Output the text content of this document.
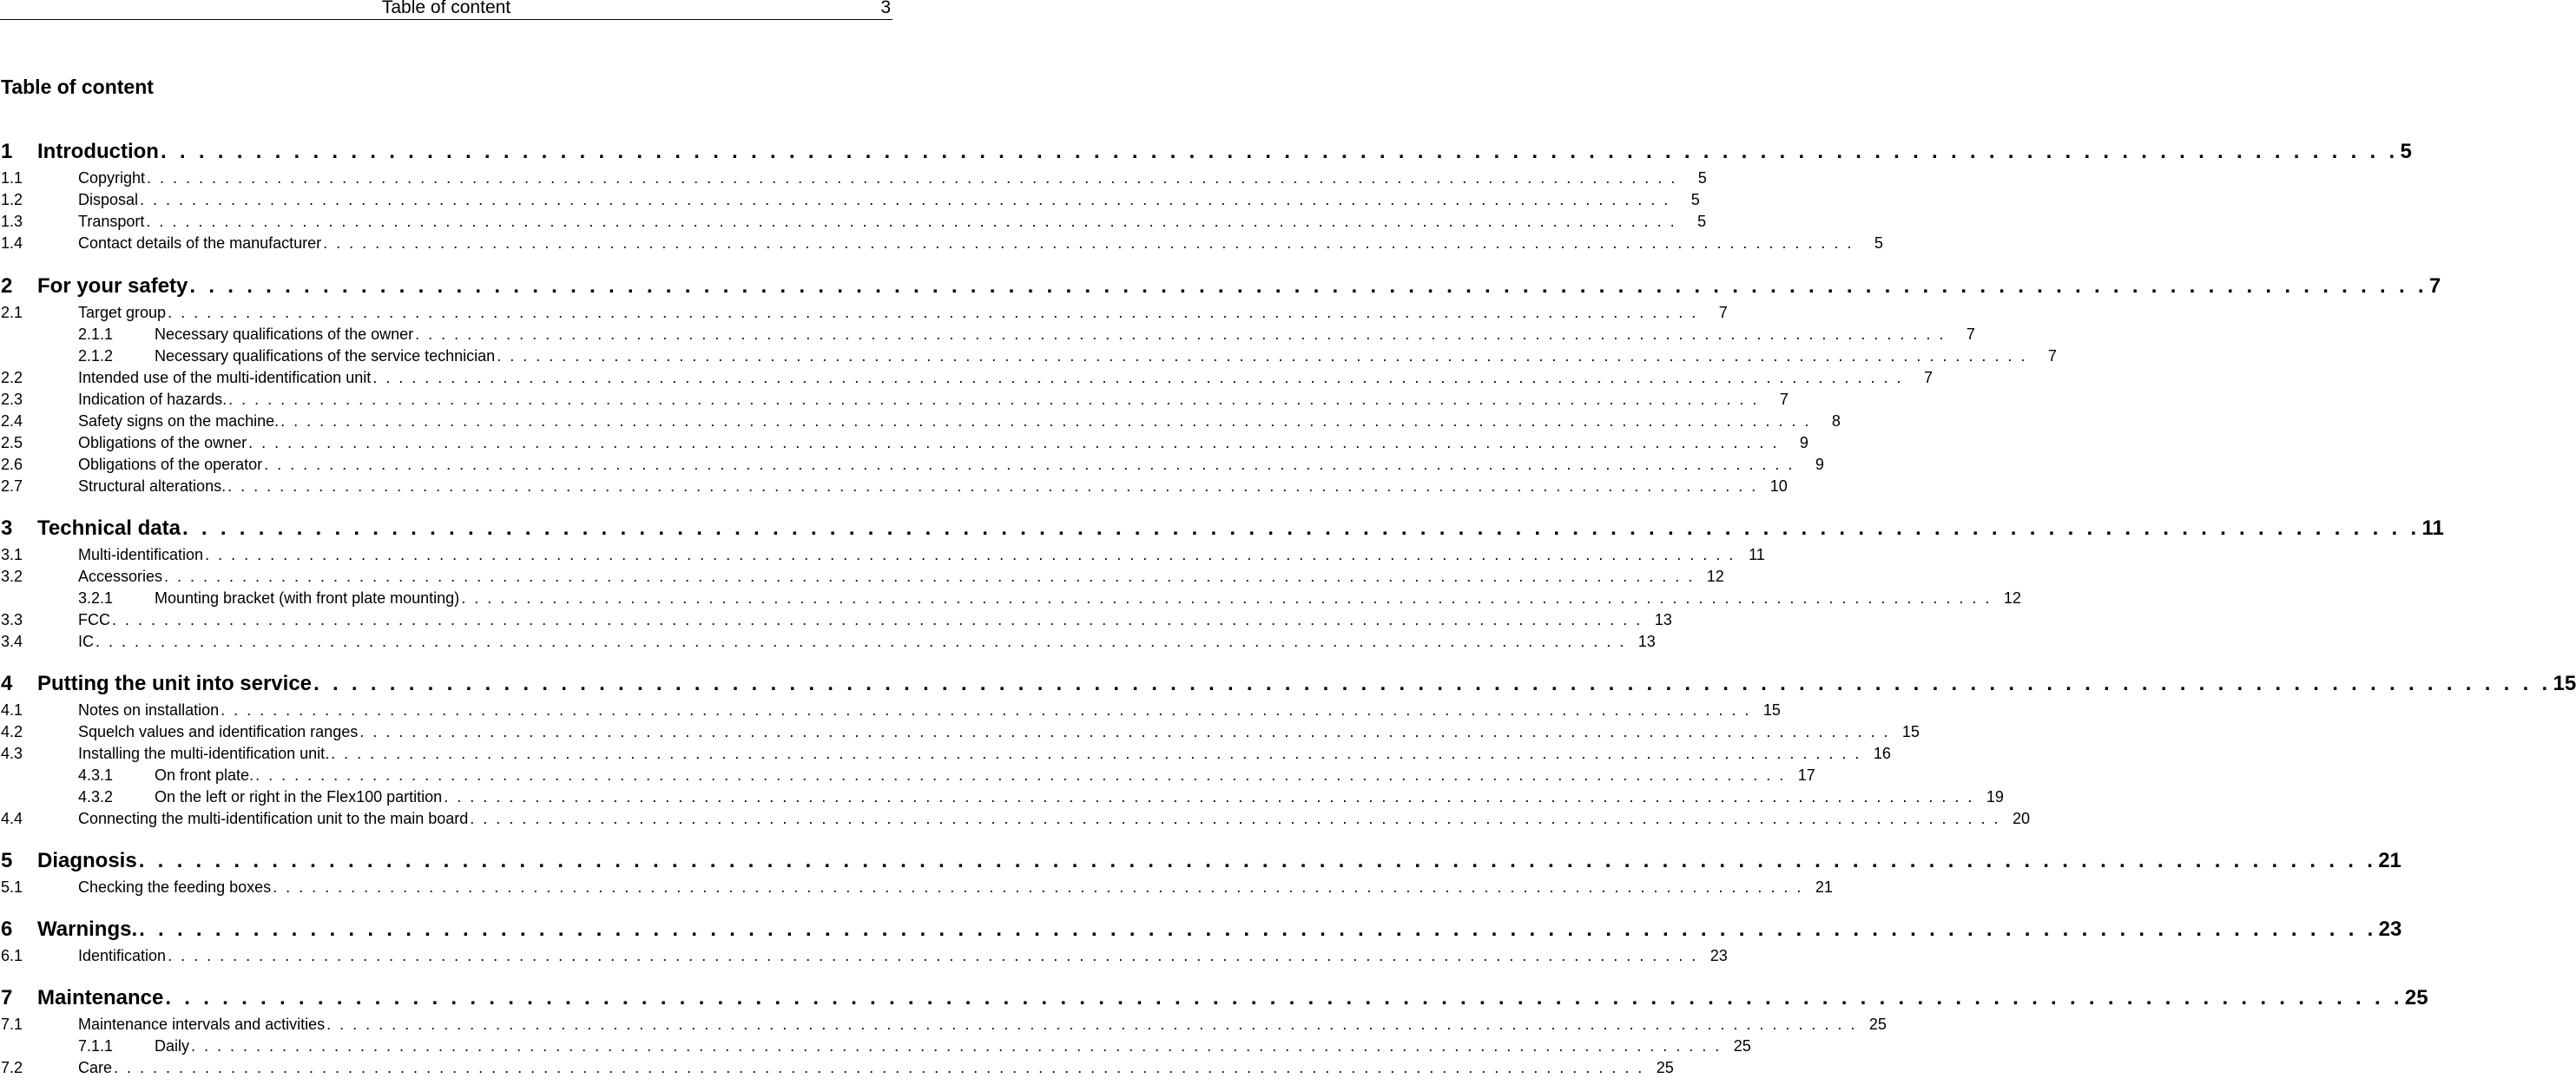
Table of content	3
Table of content
1	Introduction . . . . . . . . . . . . . . . . . . . . . . . . . . . . . . . . . . . . . . . . . . . . . . . . . . . . . . . . . . . . . . . . . . . . . . . . . . . . . . . . . . . . . . . . . . . . . . . . . . . . . . . . . . . . . . . . . . . . . . 5
1.1	Copyright . . . . . . . . . . . . . . . . . . . . . . . . . . . . . . . . . . . . . . . . . . . . . . . . . . . . . . . . . . . . . . . . . . . . . . . . . . . . . . . . . . . . . . . . . . . . . . . . . . . . . . . . . . . . . . . . . . . . . .	5
1.2	Disposal . . . . . . . . . . . . . . . . . . . . . . . . . . . . . . . . . . . . . . . . . . . . . . . . . . . . . . . . . . . . . . . . . . . . . . . . . . . . . . . . . . . . . . . . . . . . . . . . . . . . . . . . . . . . . . . . . . . . . .	5
1.3	Transport . . . . . . . . . . . . . . . . . . . . . . . . . . . . . . . . . . . . . . . . . . . . . . . . . . . . . . . . . . . . . . . . . . . . . . . . . . . . . . . . . . . . . . . . . . . . . . . . . . . . . . . . . . . . . . . . . . . . . .	5
1.4	Contact details of the manufacturer . . . . . . . . . . . . . . . . . . . . . . . . . . . . . . . . . . . . . . . . . . . . . . . . . . . . . . . . . . . . . . . . . . . . . . . . . . . . . . . . . . . . . . . . . . . . . . . . . . . . . . . . . . . . . . . . . . . . . .	5
2	For your safety . . . . . . . . . . . . . . . . . . . . . . . . . . . . . . . . . . . . . . . . . . . . . . . . . . . . . . . . . . . . . . . . . . . . . . . . . . . . . . . . . . . . . . . . . . . . . . . . . . . . . . . . . . . . . . . . . . . . . . 7
2.1	Target group . . . . . . . . . . . . . . . . . . . . . . . . . . . . . . . . . . . . . . . . . . . . . . . . . . . . . . . . . . . . . . . . . . . . . . . . . . . . . . . . . . . . . . . . . . . . . . . . . . . . . . . . . . . . . . . . . . . . . .	7
2.1.1	Necessary qualifications of the owner . . . . . . . . . . . . . . . . . . . . . . . . . . . . . . . . . . . . . . . . . . . . . . . . . . . . . . . . . . . . . . . . . . . . . . . . . . . . . . . . . . . . . . . . . . . . . . . . . . . . . . . . . . . . . . . . . . . . . .	7
2.1.2	Necessary qualifications of the service technician . . . . . . . . . . . . . . . . . . . . . . . . . . . . . . . . . . . . . . . . . . . . . . . . . . . . . . . . . . . . . . . . . . . . . . . . . . . . . . . . . . . . . . . . . . . . . . . . . . . . . . . . . . . . . . . . . . . . . .	7
2.2	Intended use of the multi-identification unit . . . . . . . . . . . . . . . . . . . . . . . . . . . . . . . . . . . . . . . . . . . . . . . . . . . . . . . . . . . . . . . . . . . . . . . . . . . . . . . . . . . . . . . . . . . . . . . . . . . . . . . . . . . . . . . . . . . . . .	7
2.3	Indication of hazards. . . . . . . . . . . . . . . . . . . . . . . . . . . . . . . . . . . . . . . . . . . . . . . . . . . . . . . . . . . . . . . . . . . . . . . . . . . . . . . . . . . . . . . . . . . . . . . . . . . . . . . . . . . . . . . . . . . . . . .	7
2.4	Safety signs on the machine. . . . . . . . . . . . . . . . . . . . . . . . . . . . . . . . . . . . . . . . . . . . . . . . . . . . . . . . . . . . . . . . . . . . . . . . . . . . . . . . . . . . . . . . . . . . . . . . . . . . . . . . . . . . . . . . . . . . . . .	8
2.5	Obligations of the owner . . . . . . . . . . . . . . . . . . . . . . . . . . . . . . . . . . . . . . . . . . . . . . . . . . . . . . . . . . . . . . . . . . . . . . . . . . . . . . . . . . . . . . . . . . . . . . . . . . . . . . . . . . . . . . . . . . . . . .	9
2.6	Obligations of the operator . . . . . . . . . . . . . . . . . . . . . . . . . . . . . . . . . . . . . . . . . . . . . . . . . . . . . . . . . . . . . . . . . . . . . . . . . . . . . . . . . . . . . . . . . . . . . . . . . . . . . . . . . . . . . . . . . . . . . .	9
2.7	Structural alterations. . . . . . . . . . . . . . . . . . . . . . . . . . . . . . . . . . . . . . . . . . . . . . . . . . . . . . . . . . . . . . . . . . . . . . . . . . . . . . . . . . . . . . . . . . . . . . . . . . . . . . . . . . . . . . . . . . . . . . . 10
3	Technical data . . . . . . . . . . . . . . . . . . . . . . . . . . . . . . . . . . . . . . . . . . . . . . . . . . . . . . . . . . . . . . . . . . . . . . . . . . . . . . . . . . . . . . . . . . . . . . . . . . . . . . . . . . . . . . . . . . . . . . 11
3.1	Multi-identification . . . . . . . . . . . . . . . . . . . . . . . . . . . . . . . . . . . . . . . . . . . . . . . . . . . . . . . . . . . . . . . . . . . . . . . . . . . . . . . . . . . . . . . . . . . . . . . . . . . . . . . . . . . . . . . . . . . . . . 11
3.2	Accessories . . . . . . . . . . . . . . . . . . . . . . . . . . . . . . . . . . . . . . . . . . . . . . . . . . . . . . . . . . . . . . . . . . . . . . . . . . . . . . . . . . . . . . . . . . . . . . . . . . . . . . . . . . . . . . . . . . . . . . 12
3.2.1	Mounting bracket (with front plate mounting) . . . . . . . . . . . . . . . . . . . . . . . . . . . . . . . . . . . . . . . . . . . . . . . . . . . . . . . . . . . . . . . . . . . . . . . . . . . . . . . . . . . . . . . . . . . . . . . . . . . . . . . . . . . . . . . . . . . . . . 12
3.3	FCC . . . . . . . . . . . . . . . . . . . . . . . . . . . . . . . . . . . . . . . . . . . . . . . . . . . . . . . . . . . . . . . . . . . . . . . . . . . . . . . . . . . . . . . . . . . . . . . . . . . . . . . . . . . . . . . . . . . . . . 13
3.4	IC . . . . . . . . . . . . . . . . . . . . . . . . . . . . . . . . . . . . . . . . . . . . . . . . . . . . . . . . . . . . . . . . . . . . . . . . . . . . . . . . . . . . . . . . . . . . . . . . . . . . . . . . . . . . . . . . . . . . . . 13
4	Putting the unit into service . . . . . . . . . . . . . . . . . . . . . . . . . . . . . . . . . . . . . . . . . . . . . . . . . . . . . . . . . . . . . . . . . . . . . . . . . . . . . . . . . . . . . . . . . . . . . . . . . . . . . . . . . . . . . . . . . . . . . . 15
4.1	Notes on installation . . . . . . . . . . . . . . . . . . . . . . . . . . . . . . . . . . . . . . . . . . . . . . . . . . . . . . . . . . . . . . . . . . . . . . . . . . . . . . . . . . . . . . . . . . . . . . . . . . . . . . . . . . . . . . . . . . . . . . 15
4.2	Squelch values and identification ranges . . . . . . . . . . . . . . . . . . . . . . . . . . . . . . . . . . . . . . . . . . . . . . . . . . . . . . . . . . . . . . . . . . . . . . . . . . . . . . . . . . . . . . . . . . . . . . . . . . . . . . . . . . . . . . . . . . . . . . 15
4.3	Installing the multi-identification unit. . . . . . . . . . . . . . . . . . . . . . . . . . . . . . . . . . . . . . . . . . . . . . . . . . . . . . . . . . . . . . . . . . . . . . . . . . . . . . . . . . . . . . . . . . . . . . . . . . . . . . . . . . . . . . . . . . . . . . . 16
4.3.1	On front plate. . . . . . . . . . . . . . . . . . . . . . . . . . . . . . . . . . . . . . . . . . . . . . . . . . . . . . . . . . . . . . . . . . . . . . . . . . . . . . . . . . . . . . . . . . . . . . . . . . . . . . . . . . . . . . . . . . . . . . . 17
4.3.2	On the left or right in the Flex100 partition . . . . . . . . . . . . . . . . . . . . . . . . . . . . . . . . . . . . . . . . . . . . . . . . . . . . . . . . . . . . . . . . . . . . . . . . . . . . . . . . . . . . . . . . . . . . . . . . . . . . . . . . . . . . . . . . . . . . . . 19
4.4	Connecting the multi-identification unit to the main board . . . . . . . . . . . . . . . . . . . . . . . . . . . . . . . . . . . . . . . . . . . . . . . . . . . . . . . . . . . . . . . . . . . . . . . . . . . . . . . . . . . . . . . . . . . . . . . . . . . . . . . . . . . . . . . . . . . . . . 20
5	Diagnosis . . . . . . . . . . . . . . . . . . . . . . . . . . . . . . . . . . . . . . . . . . . . . . . . . . . . . . . . . . . . . . . . . . . . . . . . . . . . . . . . . . . . . . . . . . . . . . . . . . . . . . . . . . . . . . . . . . . . . . 21
5.1	Checking the feeding boxes . . . . . . . . . . . . . . . . . . . . . . . . . . . . . . . . . . . . . . . . . . . . . . . . . . . . . . . . . . . . . . . . . . . . . . . . . . . . . . . . . . . . . . . . . . . . . . . . . . . . . . . . . . . . . . . . . . . . . . 21
6	Warnings. . . . . . . . . . . . . . . . . . . . . . . . . . . . . . . . . . . . . . . . . . . . . . . . . . . . . . . . . . . . . . . . . . . . . . . . . . . . . . . . . . . . . . . . . . . . . . . . . . . . . . . . . . . . . . . . . . . . . . . 23
6.1	Identification . . . . . . . . . . . . . . . . . . . . . . . . . . . . . . . . . . . . . . . . . . . . . . . . . . . . . . . . . . . . . . . . . . . . . . . . . . . . . . . . . . . . . . . . . . . . . . . . . . . . . . . . . . . . . . . . . . . . . . 23
7	Maintenance . . . . . . . . . . . . . . . . . . . . . . . . . . . . . . . . . . . . . . . . . . . . . . . . . . . . . . . . . . . . . . . . . . . . . . . . . . . . . . . . . . . . . . . . . . . . . . . . . . . . . . . . . . . . . . . . . . . . . . 25
7.1	Maintenance intervals and activities . . . . . . . . . . . . . . . . . . . . . . . . . . . . . . . . . . . . . . . . . . . . . . . . . . . . . . . . . . . . . . . . . . . . . . . . . . . . . . . . . . . . . . . . . . . . . . . . . . . . . . . . . . . . . . . . . . . . . . 25
7.1.1	Daily . . . . . . . . . . . . . . . . . . . . . . . . . . . . . . . . . . . . . . . . . . . . . . . . . . . . . . . . . . . . . . . . . . . . . . . . . . . . . . . . . . . . . . . . . . . . . . . . . . . . . . . . . . . . . . . . . . . . . . 25
7.2	Care . . . . . . . . . . . . . . . . . . . . . . . . . . . . . . . . . . . . . . . . . . . . . . . . . . . . . . . . . . . . . . . . . . . . . . . . . . . . . . . . . . . . . . . . . . . . . . . . . . . . . . . . . . . . . . . . . . . . . . 25
